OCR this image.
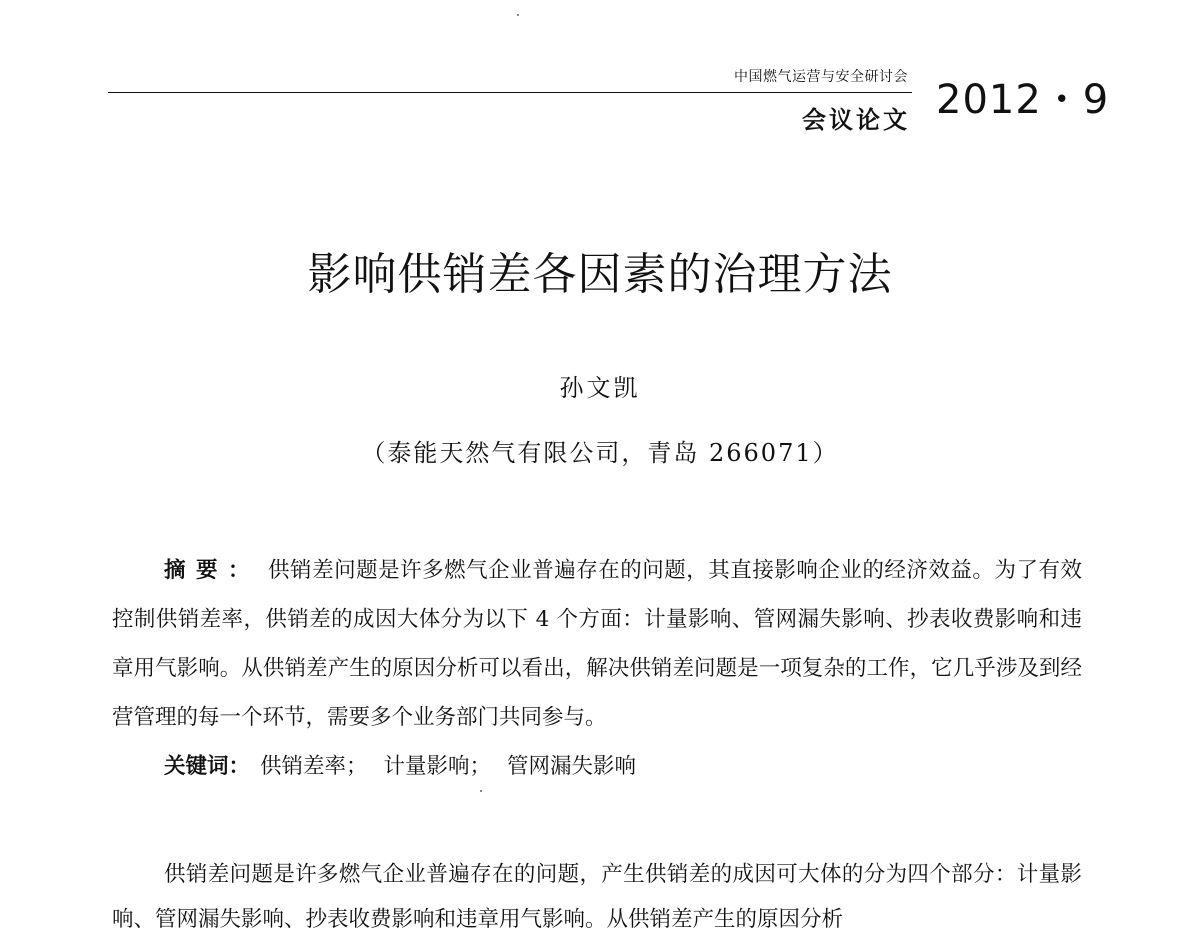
中国燃气运营与安全研讨会
会议论文 2012・9
影响供销差各因素的治理方法
孙文凯
（泰能天然气有限公司，青岛 266071）

摘要： 供销差问题是许多燃气企业普遍存在的问题，其直接影响企业的经济效益。为了有效控制供销差率，供销差的成因大体分为以下 4 个方面：计量影响、管网漏失影响、抄表收费影响和违章用气影响。从供销差产生的原因分析可以看出，解决供销差问题是一项复杂的工作，它几乎涉及到经营管理的每一个环节，需要多个业务部门共同参与。

关键词： 供销差率； 计量影响； 管网漏失影响

供销差问题是许多燃气企业普遍存在的问题，产生供销差的成因可大体的分为四个部分：计量影响、管网漏失影响、抄表收费影响和违章用气影响。从供销差产生的原因分析
